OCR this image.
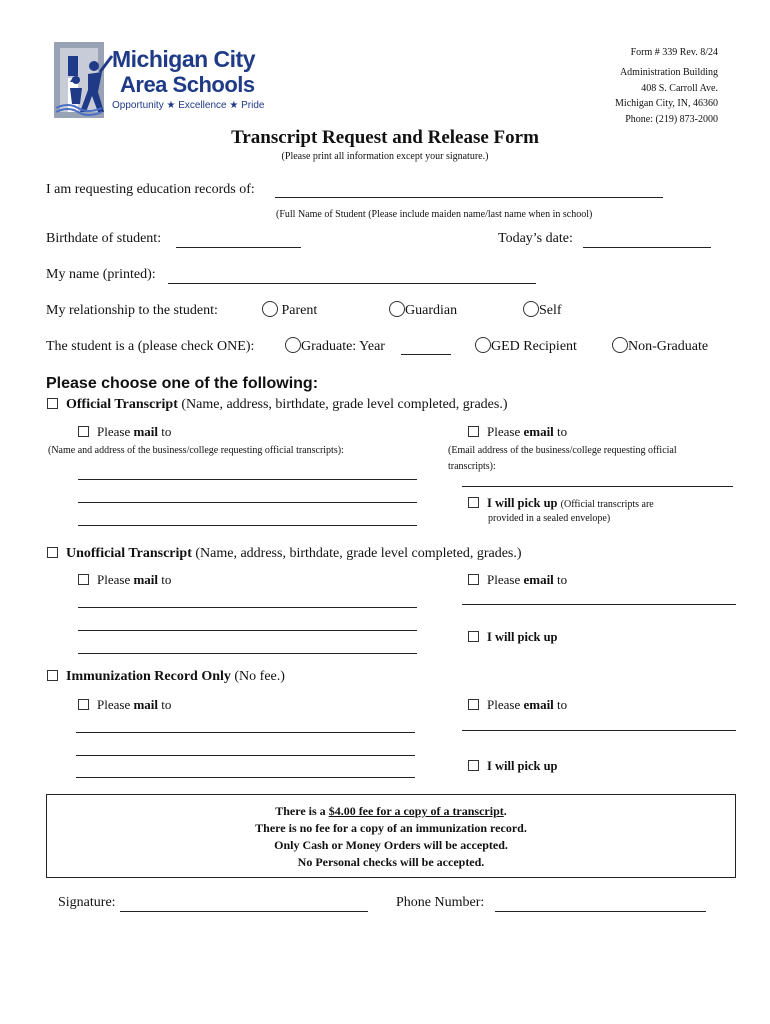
Michigan City
Area Schools
Opportunity ★ Excellence ★ Pride
Form # 339 Rev. 8/24
Administration Building
408 S. Carroll Ave.
Michigan City, IN, 46360
Phone: (219) 873-2000
Transcript Request and Release Form
(Please print all information except your signature.)
I am requesting education records of:
(Full Name of Student (Please include maiden name/last name when in school)
Birthdate of student:	Today’s date:
My name (printed):
My relationship to the student:	Parent	Guardian	Self
The student is a (please check ONE):	Graduate: Year	GED Recipient	Non-Graduate
Please choose one of the following:
Official Transcript (Name, address, birthdate, grade level completed, grades.)
Please mail to
(Name and address of the business/college requesting official transcripts):
Please email to
(Email address of the business/college requesting official
transcripts):
I will pick up (Official transcripts are
provided in a sealed envelope)
Unofficial Transcript (Name, address, birthdate, grade level completed, grades.)
Please mail to	Please email to
I will pick up
Immunization Record Only (No fee.)
Please mail to	Please email to
I will pick up
There is a $4.00 fee for a copy of a transcript.
There is no fee for a copy of an immunization record.
Only Cash or Money Orders will be accepted.
No Personal checks will be accepted.
Signature:	Phone Number:
